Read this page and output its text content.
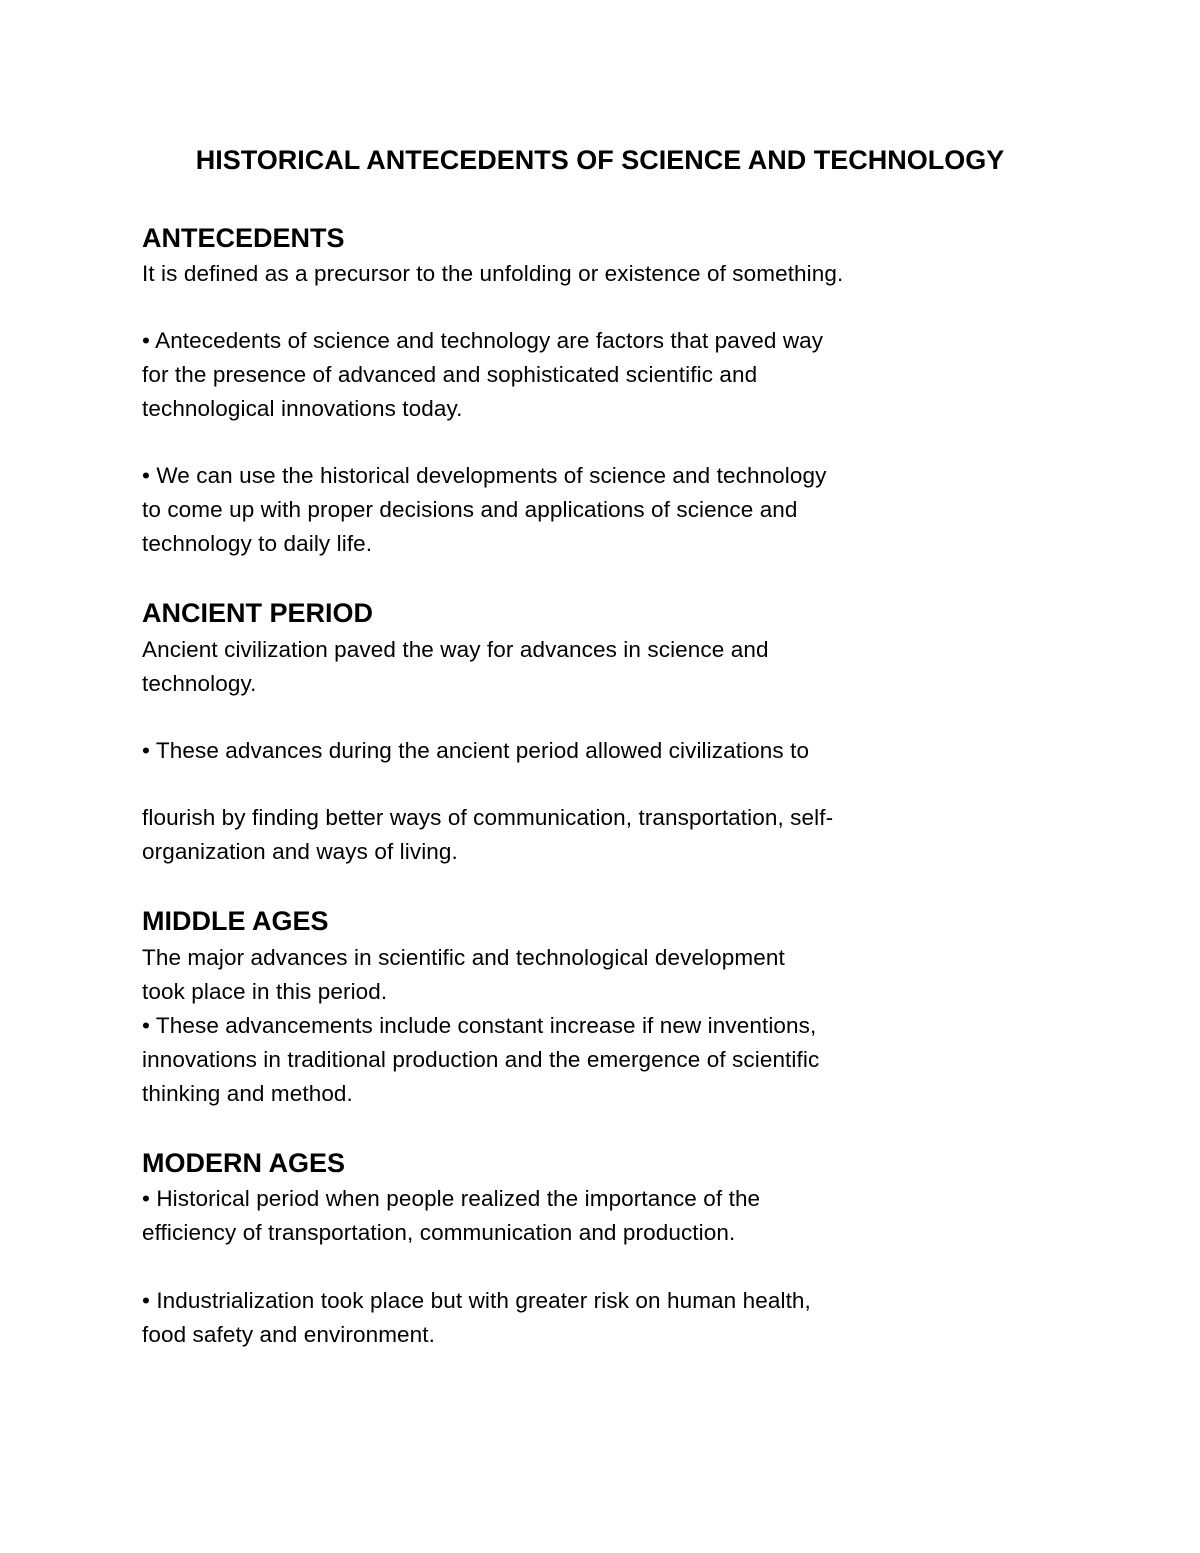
HISTORICAL ANTECEDENTS OF SCIENCE AND TECHNOLOGY
ANTECEDENTS
It is defined as a precursor to the unfolding or existence of something.
• Antecedents of science and technology are factors that paved way
for the presence of advanced and sophisticated scientific and
technological innovations today.
• We can use the historical developments of science and technology
to come up with proper decisions and applications of science and
technology to daily life.
ANCIENT PERIOD
Ancient civilization paved the way for advances in science and
technology.
• These advances during the ancient period allowed civilizations to
flourish by finding better ways of communication, transportation, self-
organization and ways of living.
MIDDLE AGES
The major advances in scientific and technological development
took place in this period.
• These advancements include constant increase if new inventions,
innovations in traditional production and the emergence of scientific
thinking and method.
MODERN AGES
• Historical period when people realized the importance of the
efficiency of transportation, communication and production.
• Industrialization took place but with greater risk on human health,
food safety and environment.
